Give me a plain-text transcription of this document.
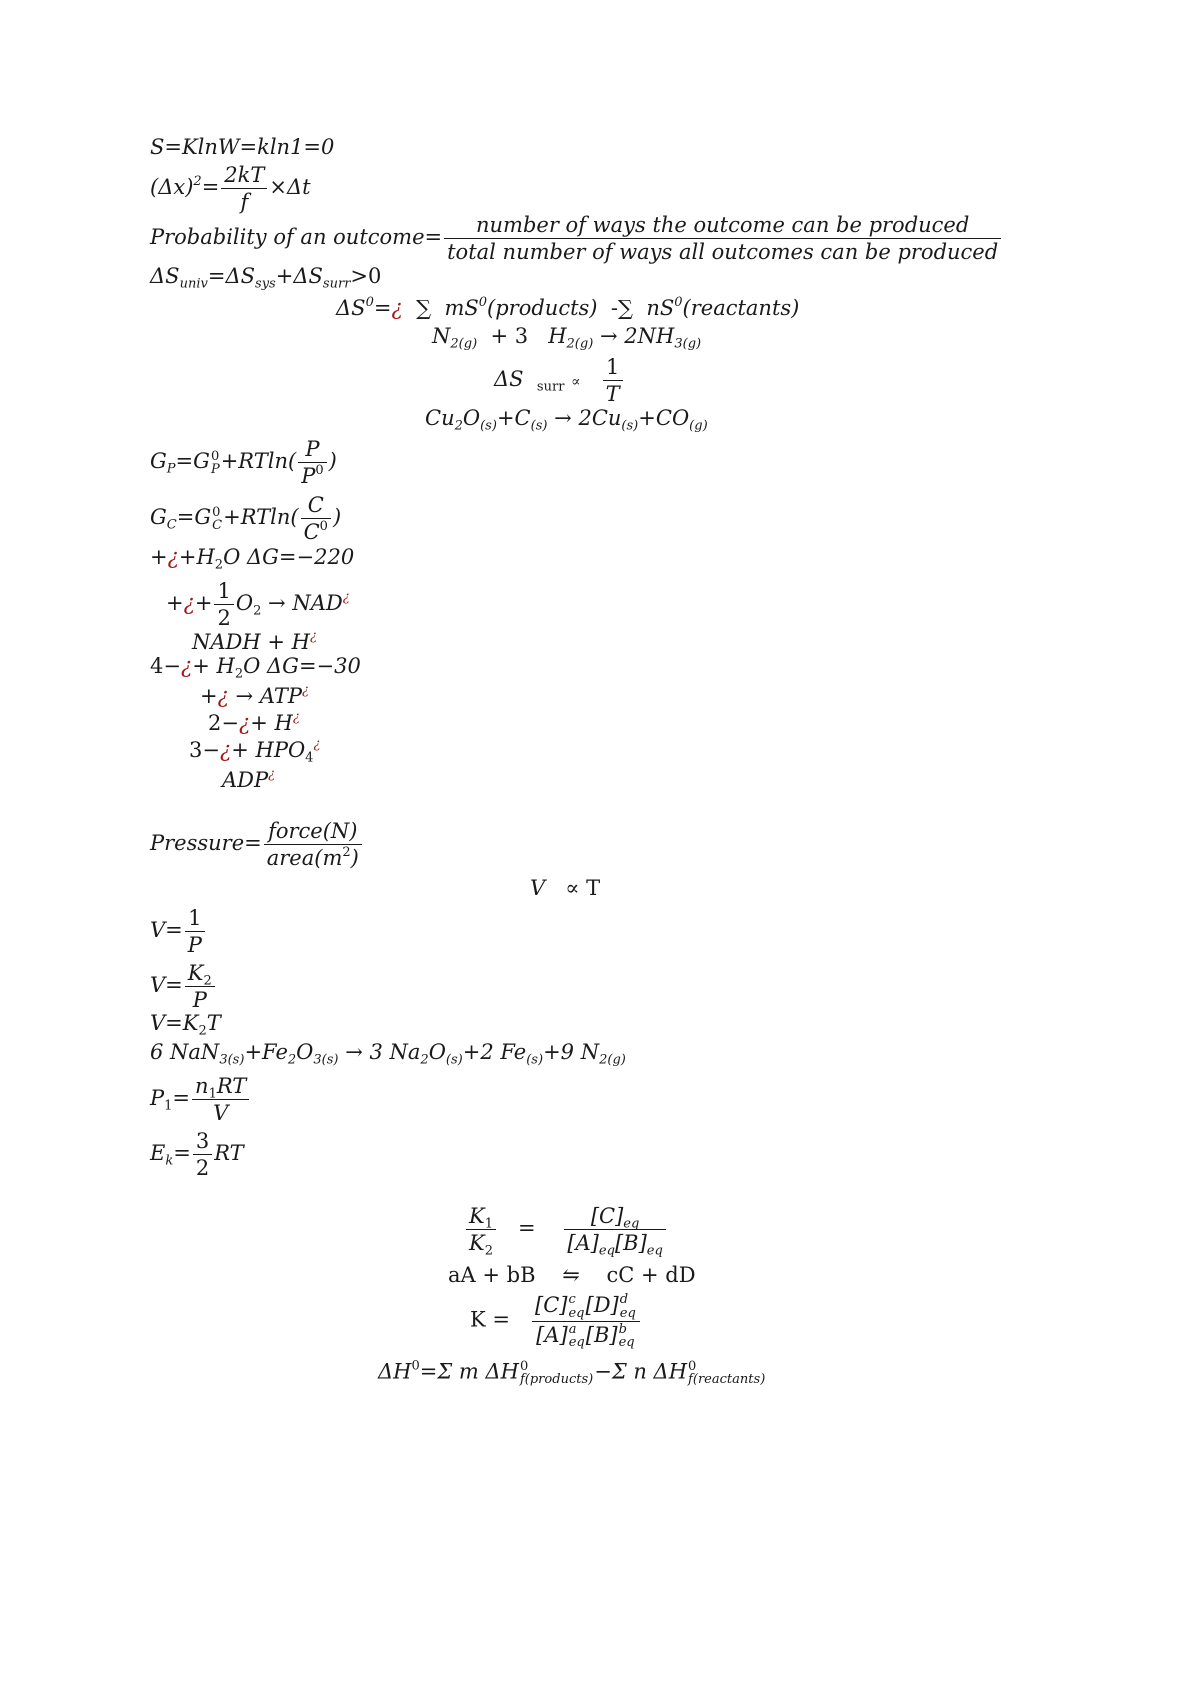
S=KlnW=kln1=0
$(\Delta x)^2= \frac{2kT}{f} \times\Delta t$
Probability of an outcome= $\frac{\text{number of ways the outcome can be produced}}{\text{total number of ways all outcomes can be produced}}$
$\Delta S_{univ}=\Delta S_{sys}+\Delta S_{surr}>0$
$\Delta S^0=¿$ ∑ $mS^0(products)$ -∑ $nS^0(reactants)$
$N_{2(g)} + 3$ $H_{2(g)} \to 2NH_{3(g)}$
ΔS $_{surr} \propto \frac{1}{T}$
$Cu_2O_{(s)}+C_{(s)} \to 2Cu_{(s)}+CO_{(g)}$
$G_P=G$ 0
$P +RTln( \frac{P}{P^0}$ )
$G_C=G$ 0
$C +RTln( \frac{C}{C^0}$ )
$+¿+H_2O$ ΔG=−220
+¿+ $\frac{1}{2} O_2 \to NAD^¿$
NADH + H¿
4−¿+ $H_2O$ ΔG=−30
+¿ → ATP¿
2−¿+ H¿
3−¿+ $HPO_4^¿$
ADP¿
Pressure= $\frac{\text{force(N)}}{area(m^2)}$
V ∝ T
$V= \frac{1}{P}$
$V= \frac{K_2}{P}$
$V=K_2T$
6 $NaN_{3(s)}+Fe_2O_{3(s)} \to 3$ $Na_2O_{(s)}+2$ $Fe_{(s)}+9$ $N_{2(g)}$
$P_1= \frac{n_1RT}{V}$
$E_k= \frac{3}{2}$ RT
$\frac{K_1}{K_2} = \frac{[C]_{eq}}{[A]_{eq}[B]_{eq}}$
aA + bB ⇋ cC + dD
K = [C] c
eq [D] d
eq
[A] a
eq [B] b
eq
$\Delta H^0=\Sigma$ m ΔH 0
f(products) −Σ n ΔH 0
f(reactants)
